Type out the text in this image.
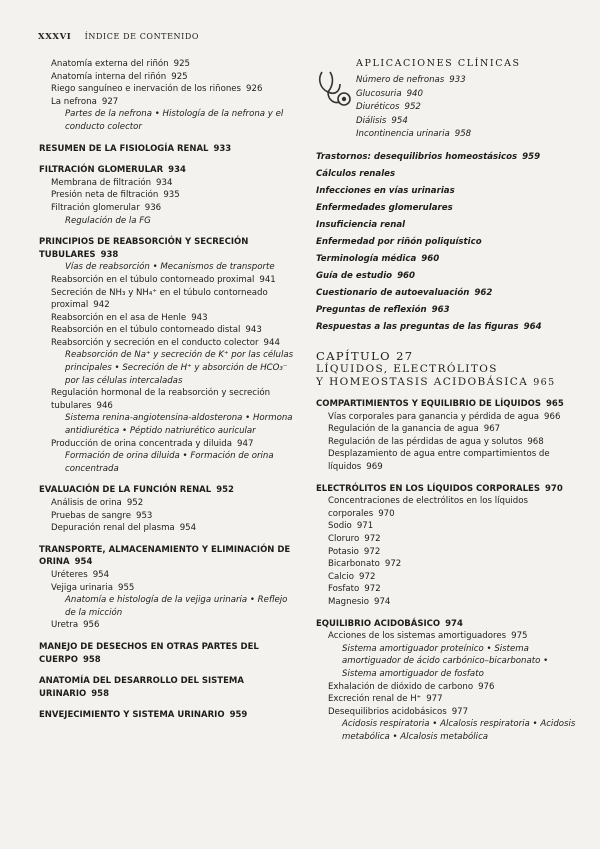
XXXVI ÍNDICE DE CONTENIDO
Anatomía externa del riñón 925
Anatomía interna del riñón 925
Riego sanguíneo e inervación de los riñones 926
La nefrona 927
Partes de la nefrona • Histología de la nefrona y el conducto colector
RESUMEN DE LA FISIOLOGÍA RENAL 933
FILTRACIÓN GLOMERULAR 934
Membrana de filtración 934
Presión neta de filtración 935
Filtración glomerular 936
Regulación de la FG
PRINCIPIOS DE REABSORCIÓN Y SECRECIÓN TUBULARES 938
Vías de reabsorción • Mecanismos de transporte
Reabsorción en el túbulo contorneado proximal 941
Secreción de NH₃ y NH₄⁺ en el túbulo contorneado proximal 942
Reabsorción en el asa de Henle 943
Reabsorción en el túbulo contorneado distal 943
Reabsorción y secreción en el conducto colector 944
Reabsorción de Na⁺ y secreción de K⁺ por las células principales • Secreción de H⁺ y absorción de HCO₃⁻ por las células intercaladas
Regulación hormonal de la reabsorción y secreción tubulares 946
Sistema renina-angiotensina-aldosterona • Hormona antidiurética • Péptido natriurético auricular
Producción de orina concentrada y diluida 947
Formación de orina diluida • Formación de orina concentrada
EVALUACIÓN DE LA FUNCIÓN RENAL 952
Análisis de orina 952
Pruebas de sangre 953
Depuración renal del plasma 954
TRANSPORTE, ALMACENAMIENTO Y ELIMINACIÓN DE ORINA 954
Uréteres 954
Vejiga urinaria 955
Anatomía e histología de la vejiga urinaria • Reflejo de la micción
Uretra 956
MANEJO DE DESECHOS EN OTRAS PARTES DEL CUERPO 958
ANATOMÍA DEL DESARROLLO DEL SISTEMA URINARIO 958
ENVEJECIMIENTO Y SISTEMA URINARIO 959
APLICACIONES CLÍNICAS
Número de nefronas 933
Glucosuria 940
Diuréticos 952
Diálisis 954
Incontinencia urinaria 958
Trastornos: desequilibrios homeostásicos 959
Cálculos renales
Infecciones en vías urinarias
Enfermedades glomerulares
Insuficiencia renal
Enfermedad por riñón poliquístico
Terminología médica 960
Guía de estudio 960
Cuestionario de autoevaluación 962
Preguntas de reflexión 963
Respuestas a las preguntas de las figuras 964
CAPÍTULO 27
LÍQUIDOS, ELECTRÓLITOS
Y HOMEOSTASIS ACIDOBÁSICA 965
COMPARTIMIENTOS Y EQUILIBRIO DE LÍQUIDOS 965
Vías corporales para ganancia y pérdida de agua 966
Regulación de la ganancia de agua 967
Regulación de las pérdidas de agua y solutos 968
Desplazamiento de agua entre compartimientos de líquidos 969
ELECTRÓLITOS EN LOS LÍQUIDOS CORPORALES 970
Concentraciones de electrólitos en los líquidos corporales 970
Sodio 971
Cloruro 972
Potasio 972
Bicarbonato 972
Calcio 972
Fosfato 972
Magnesio 974
EQUILIBRIO ACIDOBÁSICO 974
Acciones de los sistemas amortiguadores 975
Sistema amortiguador proteínico • Sistema amortiguador de ácido carbónico–bicarbonato • Sistema amortiguador de fosfato
Exhalación de dióxido de carbono 976
Excreción renal de H⁺ 977
Desequilibrios acidobásicos 977
Acidosis respiratoria • Alcalosis respiratoria • Acidosis metabólica • Alcalosis metabólica
